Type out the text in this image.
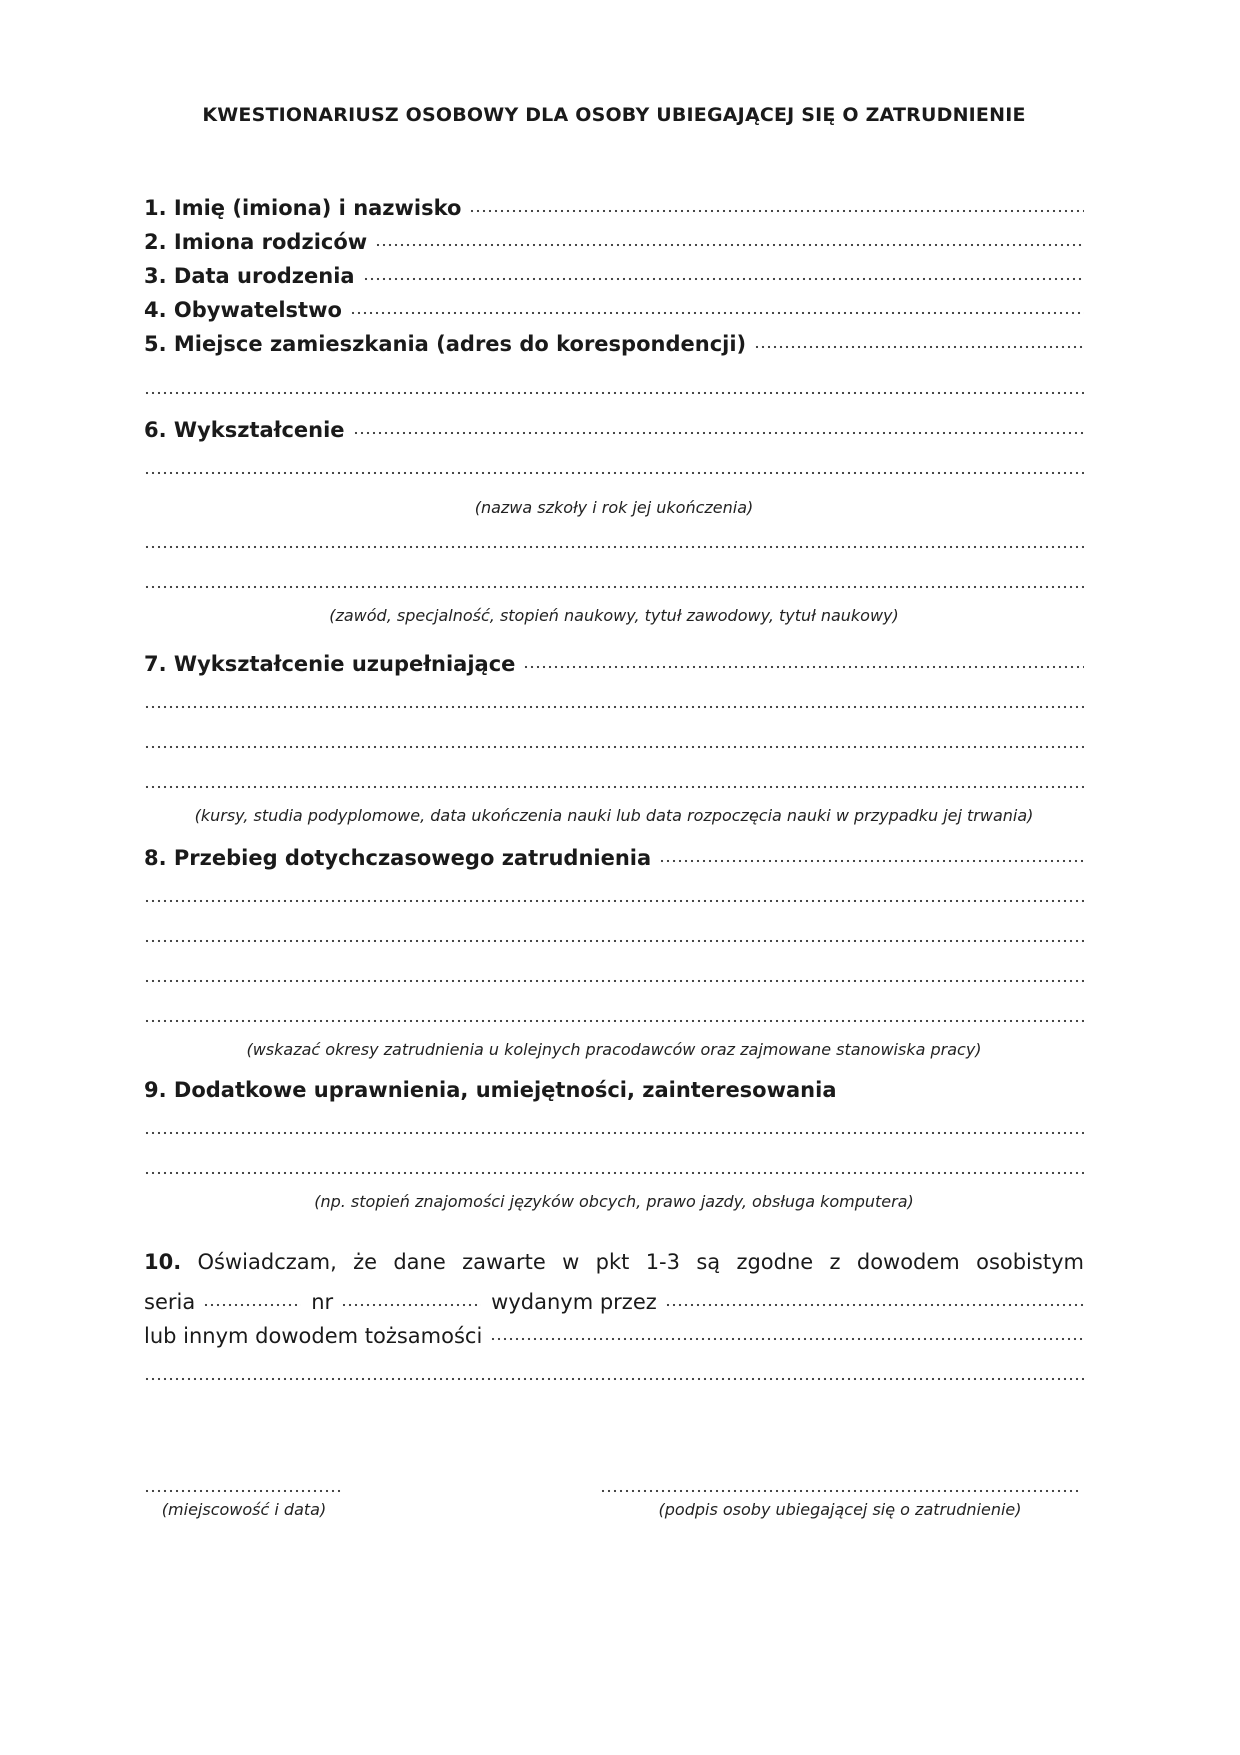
KWESTIONARIUSZ OSOBOWY DLA OSOBY UBIEGAJĄCEJ SIĘ O ZATRUDNIENIE
1. Imię (imiona) i nazwisko
2. Imiona rodziców
3. Data urodzenia
4. Obywatelstwo
5. Miejsce zamieszkania (adres do korespondencji)
6. Wykształcenie
(nazwa szkoły i rok jej ukończenia)
(zawód, specjalność, stopień naukowy, tytuł zawodowy, tytuł naukowy)
7. Wykształcenie uzupełniające
(kursy, studia podyplomowe, data ukończenia nauki lub data rozpoczęcia nauki w przypadku jej trwania)
8. Przebieg dotychczasowego zatrudnienia
(wskazać okresy zatrudnienia u kolejnych pracodawców oraz zajmowane stanowiska pracy)
9. Dodatkowe uprawnienia, umiejętności, zainteresowania
(np. stopień znajomości języków obcych, prawo jazdy, obsługa komputera)
10. Oświadczam, że dane zawarte w pkt 1-3 są zgodne z dowodem osobistym
seria	nr	wydanym przez
lub innym dowodem tożsamości
(miejscowość i data)	(podpis osoby ubiegającej się o zatrudnienie)
